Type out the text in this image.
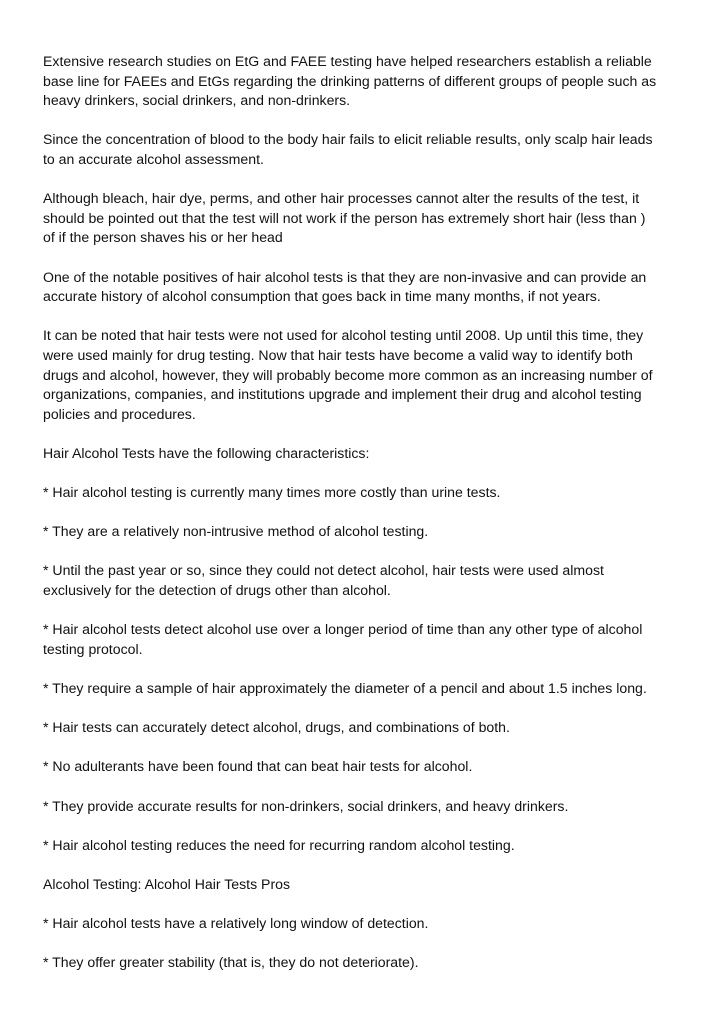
Extensive research studies on EtG and FAEE testing have helped researchers establish a reliable
base line for FAEEs and EtGs regarding the drinking patterns of different groups of people such as
heavy drinkers, social drinkers, and non-drinkers.

Since the concentration of blood to the body hair fails to elicit reliable results, only scalp hair leads
to an accurate alcohol assessment.

Although bleach, hair dye, perms, and other hair processes cannot alter the results of the test, it
should be pointed out that the test will not work if the person has extremely short hair (less than )
of if the person shaves his or her head

One of the notable positives of hair alcohol tests is that they are non-invasive and can provide an
accurate history of alcohol consumption that goes back in time many months, if not years.

It can be noted that hair tests were not used for alcohol testing until 2008. Up until this time, they
were used mainly for drug testing. Now that hair tests have become a valid way to identify both
drugs and alcohol, however, they will probably become more common as an increasing number of
organizations, companies, and institutions upgrade and implement their drug and alcohol testing
policies and procedures.

Hair Alcohol Tests have the following characteristics:

* Hair alcohol testing is currently many times more costly than urine tests.

* They are a relatively non-intrusive method of alcohol testing.

* Until the past year or so, since they could not detect alcohol, hair tests were used almost
exclusively for the detection of drugs other than alcohol.

* Hair alcohol tests detect alcohol use over a longer period of time than any other type of alcohol
testing protocol.

* They require a sample of hair approximately the diameter of a pencil and about 1.5 inches long.

* Hair tests can accurately detect alcohol, drugs, and combinations of both.

* No adulterants have been found that can beat hair tests for alcohol.

* They provide accurate results for non-drinkers, social drinkers, and heavy drinkers.

* Hair alcohol testing reduces the need for recurring random alcohol testing.

Alcohol Testing: Alcohol Hair Tests Pros

* Hair alcohol tests have a relatively long window of detection.

* They offer greater stability (that is, they do not deteriorate).
